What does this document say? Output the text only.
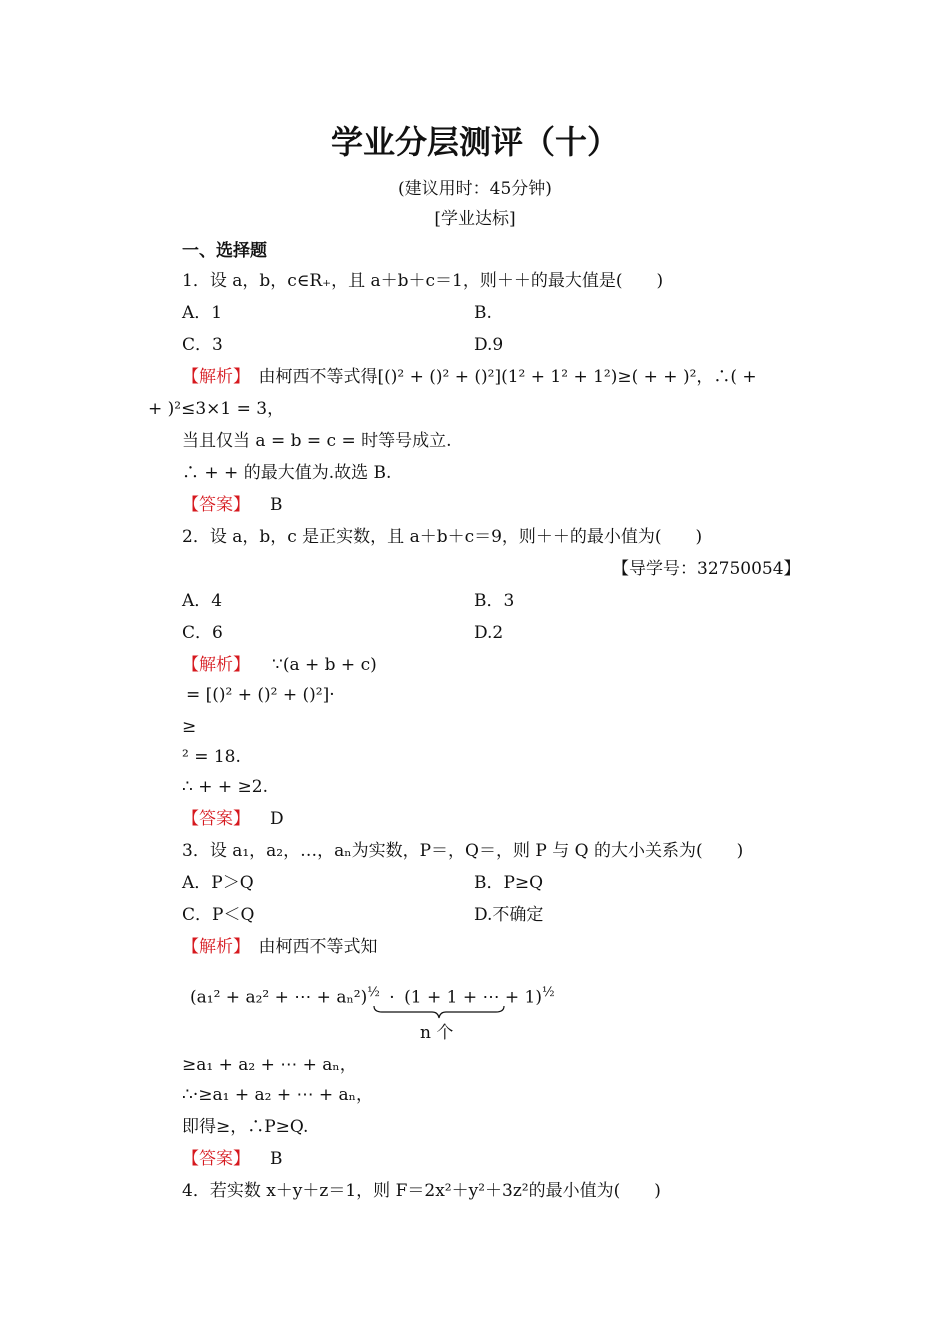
学业分层测评（十）
(建议用时：45分钟)
[学业达标]
一、选择题
1．设 a，b，c∈R₊，且 a＋b＋c＝1，则＋＋的最大值是(　　)
A．1	B.
C．3	D.9
【解析】　由柯西不等式得[()² + ()² + ()²](1² + 1² + 1²)≥( + + )²，∴( +
+ )²≤3×1 = 3，
当且仅当 a = b = c = 时等号成立.
∴ + + 的最大值为.故选 B.
【答案】 B
2．设 a，b，c 是正实数，且 a＋b＋c＝9，则＋＋的最小值为(　　)
【导学号：32750054】
A．4	B．3
C．6	D.2
【解析】 ∵(a + b + c)
= [()² + ()² + ()²]·
≥
² = 18.
∴ + + ≥2.
【答案】 D
3．设 a₁，a₂，…，aₙ为实数，P＝，Q＝，则 P 与 Q 的大小关系为(　　)
A．P＞Q	B．P≥Q
C．P＜Q	D.不确定
【解析】　由柯西不等式知
(a₁² + a₂² + ⋯ + aₙ²)$^{\frac{1}{2}}$ · (1 + 1 + ⋯ + 1)$^{\frac{1}{2}}$
n 个
≥a₁ + a₂ + ⋯ + aₙ，
∴·≥a₁ + a₂ + ⋯ + aₙ，
即得≥，∴P≥Q.
【答案】 B
4．若实数 x＋y＋z＝1，则 F＝2x²＋y²＋3z²的最小值为(　　)
